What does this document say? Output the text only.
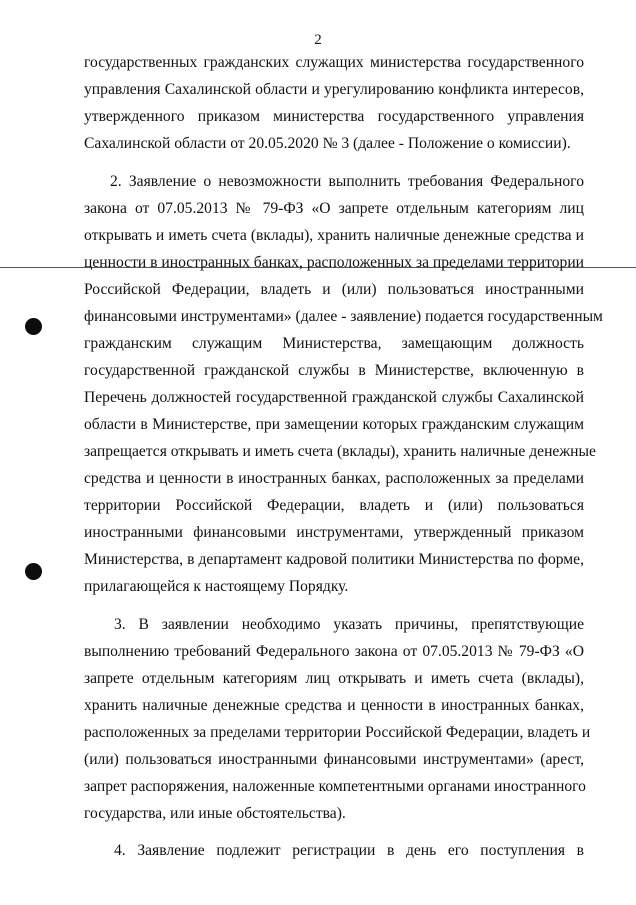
2
государственных гражданских служащих министерства государственного
управления Сахалинской области и урегулированию конфликта интересов,
утвержденного приказом министерства государственного управления
Сахалинской области от 20.05.2020 № 3 (далее - Положение о комиссии).
2. Заявление о невозможности выполнить требования Федерального
закона от 07.05.2013 № 79-ФЗ «О запрете отдельным категориям лиц
открывать и иметь счета (вклады), хранить наличные денежные средства и
ценности в иностранных банках, расположенных за пределами территории
Российской Федерации, владеть и (или) пользоваться иностранными
финансовыми инструментами» (далее - заявление) подается государственным
гражданским служащим Министерства, замещающим должность
государственной гражданской службы в Министерстве, включенную в
Перечень должностей государственной гражданской службы Сахалинской
области в Министерстве, при замещении которых гражданским служащим
запрещается открывать и иметь счета (вклады), хранить наличные денежные
средства и ценности в иностранных банках, расположенных за пределами
территории Российской Федерации, владеть и (или) пользоваться
иностранными финансовыми инструментами, утвержденный приказом
Министерства, в департамент кадровой политики Министерства по форме,
прилагающейся к настоящему Порядку.
3. В заявлении необходимо указать причины, препятствующие
выполнению требований Федерального закона от 07.05.2013 № 79-ФЗ «О
запрете отдельным категориям лиц открывать и иметь счета (вклады),
хранить наличные денежные средства и ценности в иностранных банках,
расположенных за пределами территории Российской Федерации, владеть и
(или) пользоваться иностранными финансовыми инструментами» (арест,
запрет распоряжения, наложенные компетентными органами иностранного
государства, или иные обстоятельства).
4. Заявление подлежит регистрации в день его поступления в
